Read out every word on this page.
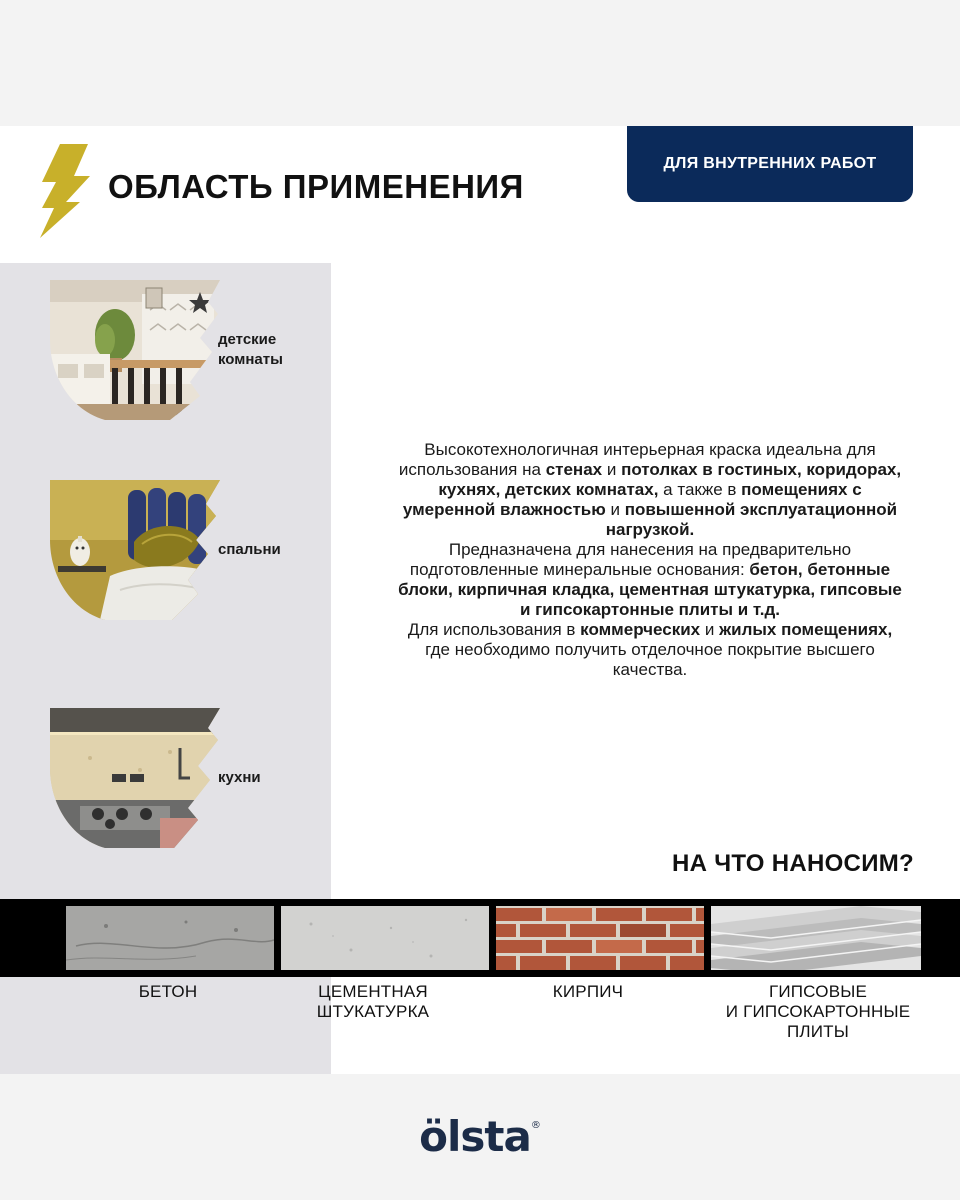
ОБЛАСТЬ ПРИМЕНЕНИЯ
ДЛЯ ВНУТРЕННИХ РАБОТ
детские
комнаты
спальни
кухни

Высокотехнологичная интерьерная краска идеальна для использования на стенах и потолках в гостиных, коридорах, кухнях, детских комнатах, а также в помещениях с умеренной влажностью и повышенной эксплуатационной нагрузкой.

Предназначена для нанесения на предварительно подготовленные минеральные основания: бетон, бетонные блоки, кирпичная кладка, цементная штукатурка, гипсовые и гипсокартонные плиты и т.д.

Для использования в коммерческих и жилых помещениях, где необходимо получить отделочное покрытие высшего качества.

НА ЧТО НАНОСИМ?
БЕТОН	ЦЕМЕНТНАЯ
ШТУКАТУРКА
КИРПИЧ	ГИПСОВЫЕ
И ГИПСОКАРТОННЫЕ
ПЛИТЫ
ölsta®
